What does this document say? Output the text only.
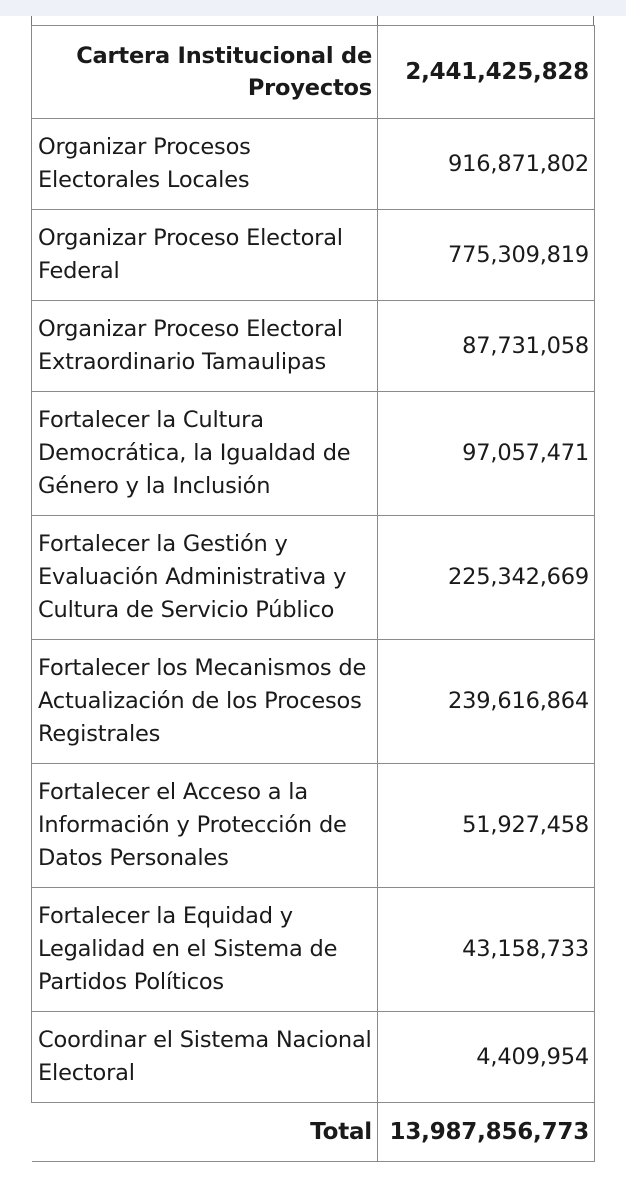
Cartera Institucional de Proyectos	2,441,425,828
Organizar Procesos Electorales Locales	916,871,802
Organizar Proceso Electoral Federal	775,309,819
Organizar Proceso Electoral Extraordinario Tamaulipas	87,731,058
Fortalecer la Cultura Democrática, la Igualdad de Género y la Inclusión	97,057,471
Fortalecer la Gestión y Evaluación Administrativa y Cultura de Servicio Público	225,342,669
Fortalecer los Mecanismos de Actualización de los Procesos Registrales	239,616,864
Fortalecer el Acceso a la Información y Protección de Datos Personales	51,927,458
Fortalecer la Equidad y Legalidad en el Sistema de Partidos Políticos	43,158,733
Coordinar el Sistema Nacional Electoral	4,409,954
Total	13,987,856,773
